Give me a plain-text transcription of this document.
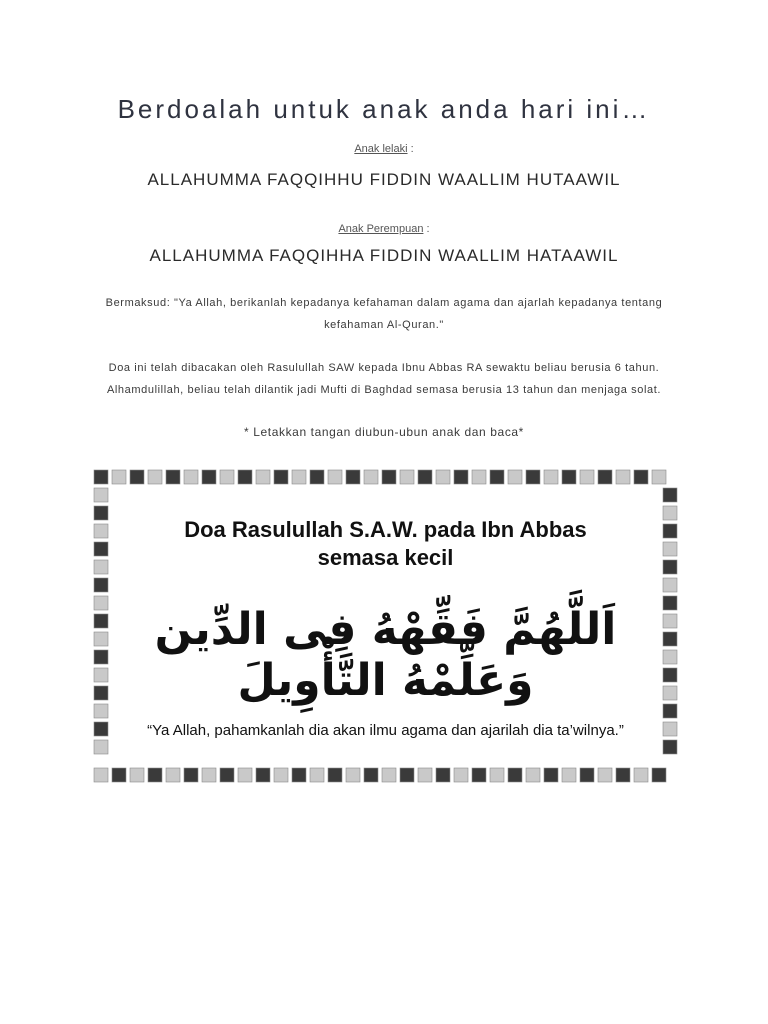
Berdoalah untuk anak anda hari ini…
Anak lelaki :
ALLAHUMMA FAQQIHHU FIDDIN WAALLIM HUTAAWIL
Anak Perempuan :
ALLAHUMMA FAQQIHHA FIDDIN WAALLIM HATAAWIL
Bermaksud: "Ya Allah, berikanlah kepadanya kefahaman dalam agama dan ajarlah kepadanya tentang
kefahaman Al-Quran."
Doa ini telah dibacakan oleh Rasulullah SAW kepada Ibnu Abbas RA sewaktu beliau berusia 6 tahun.
Alhamdulillah, beliau telah dilantik jadi Mufti di Baghdad semasa berusia 13 tahun dan menjaga solat.
* Letakkan tangan diubun-ubun anak dan baca*
Doa Rasulullah S.A.W. pada Ibn Abbas
semasa kecil
اَللَّهُمَّ فَقِّهْهُ فِى الدِّين وَعَلِّمْهُ التَّأْوِيلَ
“Ya Allah, pahamkanlah dia akan ilmu agama dan ajarilah dia ta’wilnya.”
